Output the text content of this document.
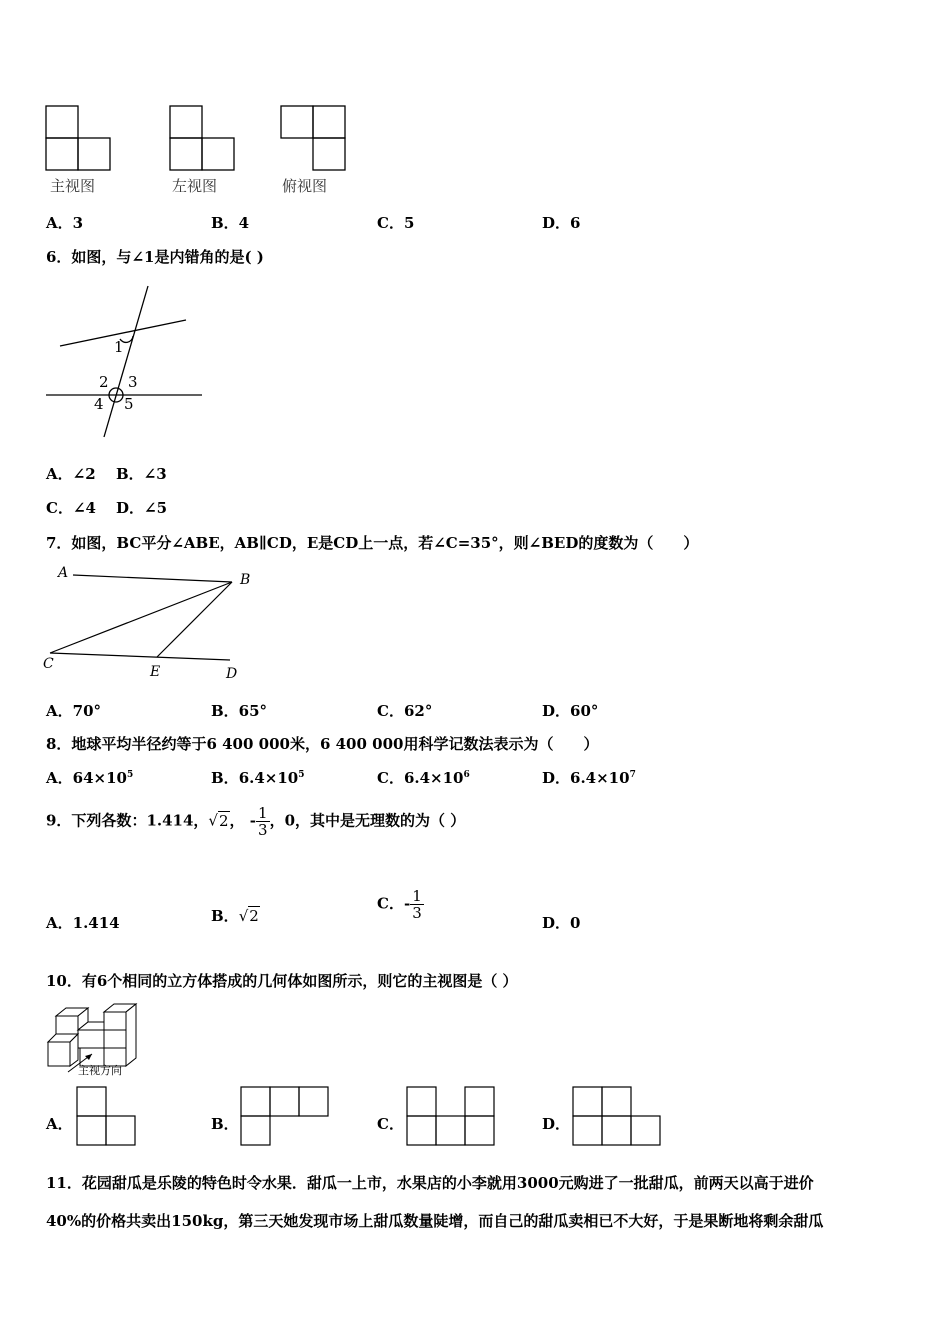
主视图	左视图	俯视图
A．3	B．4	C．5	D．6
6．如图，与∠1是内错角的是( )
1
2 3
4 5
A．∠2 B．∠3
C．∠4 D．∠5
7．如图，BC平分∠ABE，AB∥CD，E是CD上一点，若∠C=35°，则∠BED的度数为（　　）
A	B
C	E	D
A．70°	B．65°	C．62°	D．60°
8．地球平均半径约等于6 400 000米，6 400 000用科学记数法表示为（　　）
A．$64\times 10^5$	B．$6.4\times 10^5$	C．$6.4\times 10^6$	D．$6.4\times 10^7$
9．下列各数：1.414，√2， - $\frac{1}{3}$ ，0，其中是无理数的为（ ）
A．1.414	B．√2
C．- $\frac{1}{3}$
D．0
10．有6个相同的立方体搭成的几何体如图所示，则它的主视图是（ ）
主视方向
A．	B．	C．	D．
11．花园甜瓜是乐陵的特色时令水果．甜瓜一上市，水果店的小李就用3000元购进了一批甜瓜，前两天以高于进价
40%的价格共卖出150kg，第三天她发现市场上甜瓜数量陡增，而自己的甜瓜卖相已不大好，于是果断地将剩余甜瓜
